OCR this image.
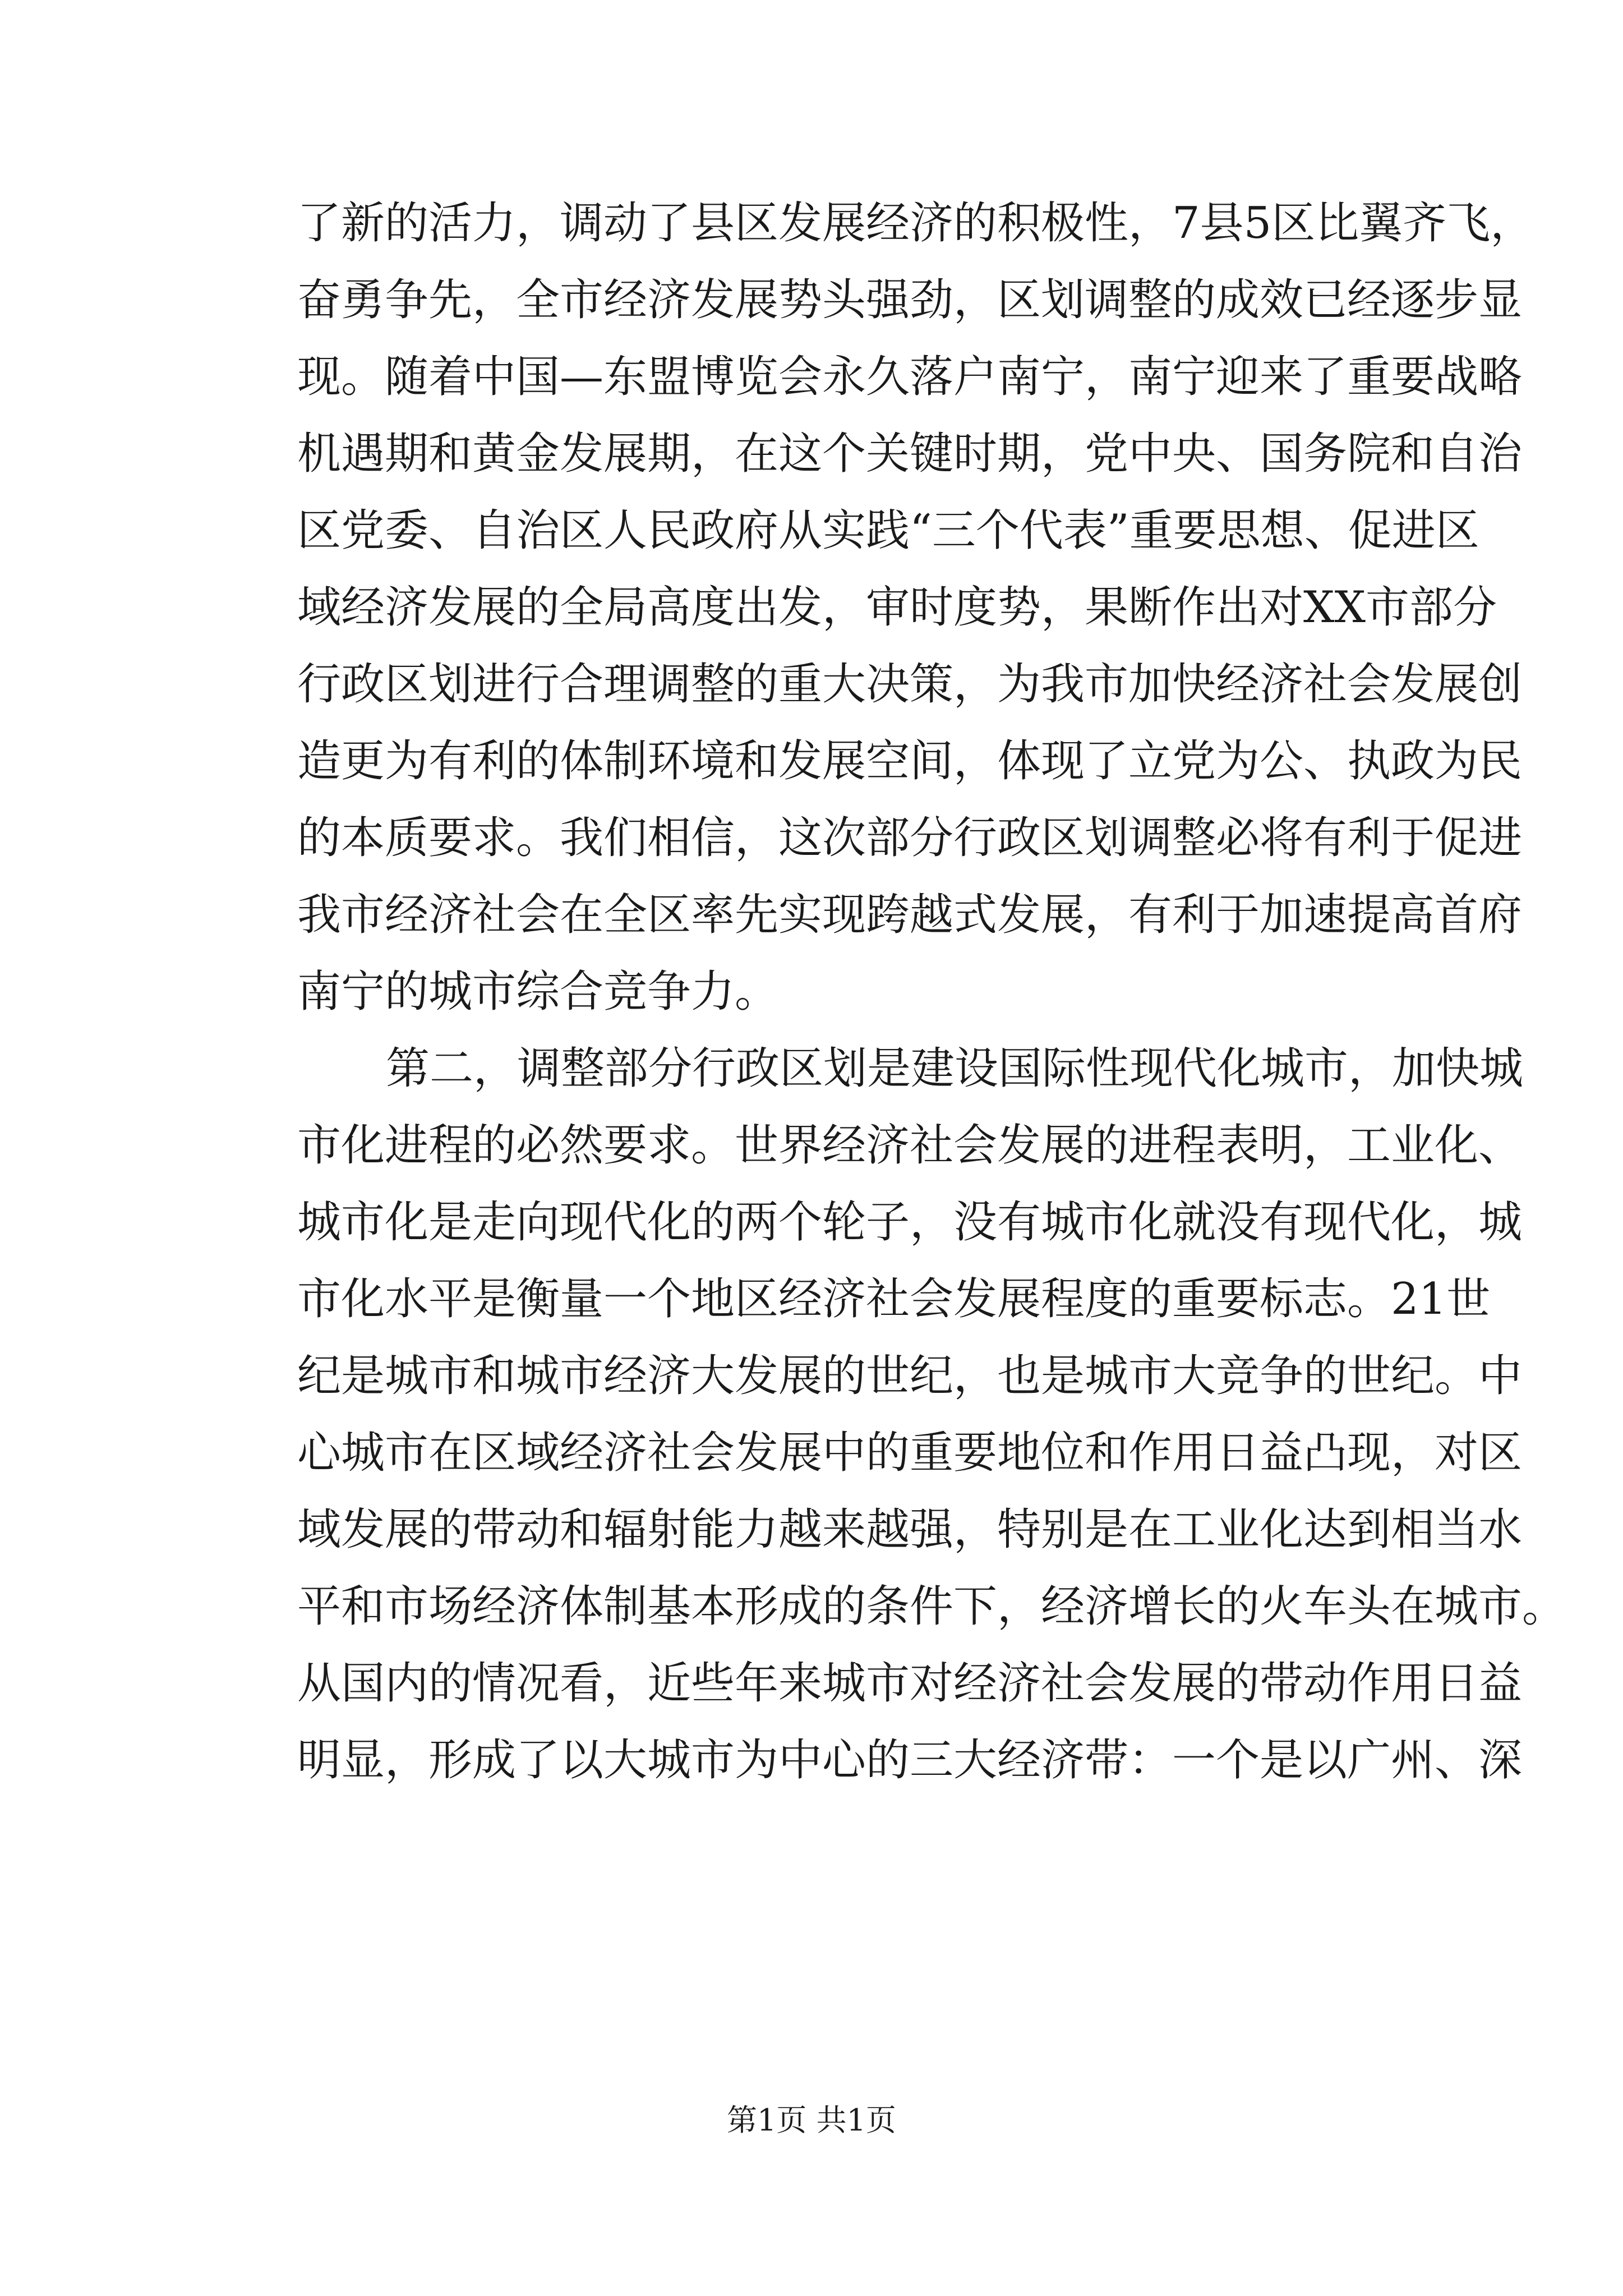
了新的活力，调动了县区发展经济的积极性，7县5区比翼齐飞，
奋勇争先，全市经济发展势头强劲，区划调整的成效已经逐步显
现。随着中国—东盟博览会永久落户南宁，南宁迎来了重要战略
机遇期和黄金发展期，在这个关键时期，党中央、国务院和自治
区党委、自治区人民政府从实践“三个代表”重要思想、促进区
域经济发展的全局高度出发，审时度势，果断作出对XX市部分
行政区划进行合理调整的重大决策，为我市加快经济社会发展创
造更为有利的体制环境和发展空间，体现了立党为公、执政为民
的本质要求。我们相信，这次部分行政区划调整必将有利于促进
我市经济社会在全区率先实现跨越式发展，有利于加速提高首府
南宁的城市综合竞争力。
第二，调整部分行政区划是建设国际性现代化城市，加快城
市化进程的必然要求。世界经济社会发展的进程表明，工业化、
城市化是走向现代化的两个轮子，没有城市化就没有现代化，城
市化水平是衡量一个地区经济社会发展程度的重要标志。21世
纪是城市和城市经济大发展的世纪，也是城市大竞争的世纪。中
心城市在区域经济社会发展中的重要地位和作用日益凸现，对区
域发展的带动和辐射能力越来越强，特别是在工业化达到相当水
平和市场经济体制基本形成的条件下，经济增长的火车头在城市。
从国内的情况看，近些年来城市对经济社会发展的带动作用日益
明显，形成了以大城市为中心的三大经济带：一个是以广州、深
第1页 共1页
